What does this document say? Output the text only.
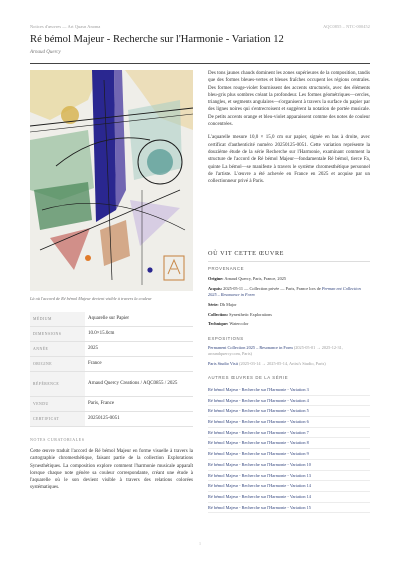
Notices d'œuvres — Art Quasn Anoma	AQC0855 – NTC-000452
Ré bémol Majeur - Recherche sur l'Harmonie - Variation 12
Arnaud Quercy
Là où l'accord de Ré bémol Majeur devient visible à travers la couleur
MÉDIUM	Aquarelle sur Papier
DIMENSIONS	10.0×15.0cm
ANNÉE	2025
ORIGINE	France
RÉFÉRENCE	Arnaud Quercy Creations / AQC0855 / 2025
VENDU	Paris, France
CERTIFICAT	20250125-0051
NOTES CURATORIALES
Cette œuvre traduit l'accord de Ré bémol Majeur en forme visuelle à travers la cartographie chromesthétique, faisant partie de la collection Explorations Synesthétiques. La composition explore comment l'harmonie musicale apparaît lorsque chaque note génère sa couleur correspondante, créant une étude à l'aquarelle où le son devient visible à travers des relations colorées systématiques.

Des tons jaunes chauds dominent les zones supérieures de la composition, tandis que des formes bleues-vertes et bleues fraîches occupent les régions centrales. Des formes rouge-violet fournissent des accents structurels, avec des éléments bleu-gris plus sombres créant la profondeur. Les formes géométriques—cercles, triangles, et segments angulaires—s'organisent à travers la surface du papier par des lignes noires qui s'entrecroisent et suggèrent la notation de portée musicale. De petits accents orange et bleu-violet apparaissent comme des notes de couleur concentrées.

L'aquarelle mesure 10,0 × 15,0 cm sur papier, signée en bas à droite, avec certificat d'authenticité numéro 20250125-0051. Cette variation représente la douzième étude de la série Recherche sur l'Harmonie, examinant comment la structure de l'accord de Ré bémol Majeur—fondamentale Ré bémol, tierce Fa, quinte La bémol—se manifeste à travers le système chromesthétique personnel de l'artiste. L'œuvre a été achevée en France en 2025 et acquise par un collectionneur privé à Paris.

OÙ VIT CETTE ŒUVRE
PROVENANCE

Origine: Arnaud Quercy, Paris, France, 2025

Acquis: 2025-05-11 — Collection privée — Paris, France lors de Perman ent Collection 2025 – Resonance in Form

Série: Dh Major

Collection: Synesthetic Explorations

Technique: Watercolor

EXPOSITIONS

Permanent Collection 2025 – Resonance in Form (2025-05-01 → 2025-12-31, aroundquercy.com, Paris)

Paris Studio Visit (2025-03-14 → 2025-05-14, Artist's Studio, Paris)

AUTRES ŒUVRES DE LA SÉRIE
Ré bémol Majeur - Recherche sur l'Harmonie - Variation 3
Ré bémol Majeur - Recherche sur l'Harmonie - Variation 4
Ré bémol Majeur - Recherche sur l'Harmonie - Variation 5
Ré bémol Majeur - Recherche sur l'Harmonie - Variation 6
Ré bémol Majeur - Recherche sur l'Harmonie - Variation 7
Ré bémol Majeur - Recherche sur l'Harmonie - Variation 8
Ré bémol Majeur - Recherche sur l'Harmonie - Variation 9
Ré bémol Majeur - Recherche sur l'Harmonie - Variation 10
Ré bémol Majeur - Recherche sur l'Harmonie - Variation 13
Ré bémol Majeur - Recherche sur l'Harmonie - Variation 14
Ré bémol Majeur - Recherche sur l'Harmonie - Variation 14
Ré bémol Majeur - Recherche sur l'Harmonie - Variation 15
1
